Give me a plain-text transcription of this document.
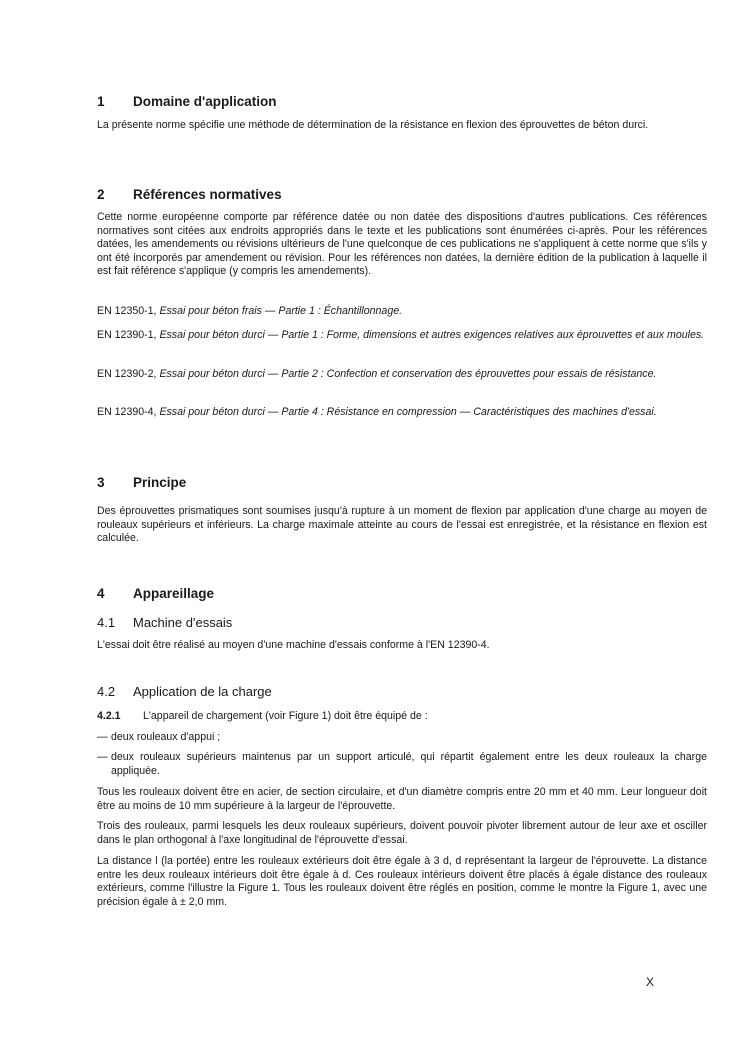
1	Domaine d'application

La présente norme spécifie une méthode de détermination de la résistance en flexion des éprouvettes de béton durci.

2	Références normatives

Cette norme européenne comporte par référence datée ou non datée des dispositions d'autres publications. Ces références normatives sont citées aux endroits appropriés dans le texte et les publications sont énumérées ci-après. Pour les références datées, les amendements ou révisions ultérieurs de l'une quelconque de ces publications ne s'appliquent à cette norme que s'ils y ont été incorporés par amendement ou révision. Pour les références non datées, la dernière édition de la publication à laquelle il est fait référence s'applique (y compris les amendements).

EN 12350-1, Essai pour béton frais — Partie 1 : Échantillonnage.

EN 12390-1, Essai pour béton durci — Partie 1 : Forme, dimensions et autres exigences relatives aux éprouvettes et aux moules.

EN 12390-2, Essai pour béton durci — Partie 2 : Confection et conservation des éprouvettes pour essais de résistance.

EN 12390-4, Essai pour béton durci — Partie 4 : Résistance en compression — Caractéristiques des machines d'essai.

3	Principe

Des éprouvettes prismatiques sont soumises jusqu'à rupture à un moment de flexion par application d'une charge au moyen de rouleaux supérieurs et inférieurs. La charge maximale atteinte au cours de l'essai est enregistrée, et la résistance en flexion est calculée.

4	Appareillage
4.1	Machine d'essais

L'essai doit être réalisé au moyen d'une machine d'essais conforme à l'EN 12390-4.

4.2	Application de la charge
4.2.1	L'appareil de chargement (voir Figure 1) doit être équipé de :
— deux rouleaux d'appui ;
— deux rouleaux supérieurs maintenus par un support articulé, qui répartit également entre les deux rouleaux la charge appliquée.

Tous les rouleaux doivent être en acier, de section circulaire, et d'un diamètre compris entre 20 mm et 40 mm. Leur longueur doit être au moins de 10 mm supérieure à la largeur de l'éprouvette.

Trois des rouleaux, parmi lesquels les deux rouleaux supérieurs, doivent pouvoir pivoter librement autour de leur axe et osciller dans le plan orthogonal à l'axe longitudinal de l'éprouvette d'essai.

La distance l (la portée) entre les rouleaux extérieurs doit être égale à 3 d, d représentant la largeur de l'éprouvette. La distance entre les deux rouleaux intérieurs doit être égale à d. Ces rouleaux intérieurs doivent être placés à égale distance des rouleaux extérieurs, comme l'illustre la Figure 1. Tous les rouleaux doivent être réglés en position, comme le montre la Figure 1, avec une précision égale à ± 2,0 mm.

X
